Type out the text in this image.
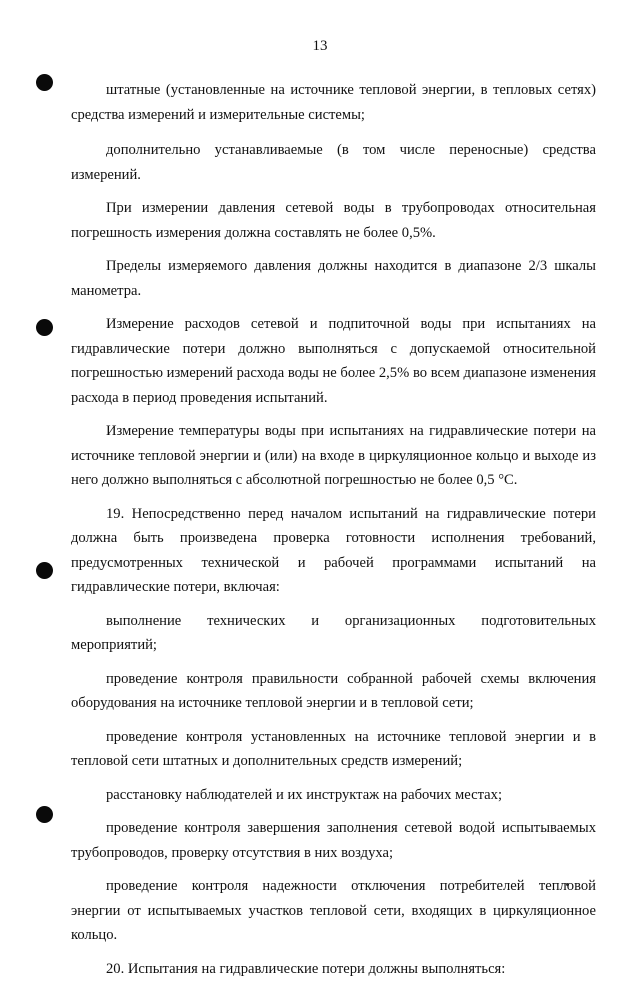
13

штатные (установленные на источнике тепловой энергии, в тепловых сетях) средства измерений и измерительные системы;

дополнительно устанавливаемые (в том числе переносные) средства измерений.

При измерении давления сетевой воды в трубопроводах относительная погрешность измерения должна составлять не более 0,5%.

Пределы измеряемого давления должны находится в диапазоне 2/3 шкалы манометра.

Измерение расходов сетевой и подпиточной воды при испытаниях на гидравлические потери должно выполняться с допускаемой относительной погрешностью измерений расхода воды не более 2,5% во всем диапазоне изменения расхода в период проведения испытаний.

Измерение температуры воды при испытаниях на гидравлические потери на источнике тепловой энергии и (или) на входе в циркуляционное кольцо и выходе из него должно выполняться с абсолютной погрешностью не более 0,5 °С.

19. Непосредственно перед началом испытаний на гидравлические потери должна быть произведена проверка готовности исполнения требований, предусмотренных технической и рабочей программами испытаний на гидравлические потери, включая:

выполнение технических и организационных подготовительных мероприятий;

проведение контроля правильности собранной рабочей схемы включения оборудования на источнике тепловой энергии и в тепловой сети;

проведение контроля установленных на источнике тепловой энергии и в тепловой сети штатных и дополнительных средств измерений;

расстановку наблюдателей и их инструктаж на рабочих местах;

проведение контроля завершения заполнения сетевой водой испытываемых трубопроводов, проверку отсутствия в них воздуха;

проведение контроля надежности отключения потребителей тепловой энергии от испытываемых участков тепловой сети, входящих в циркуляционное кольцо.

20. Испытания на гидравлические потери должны выполняться:
